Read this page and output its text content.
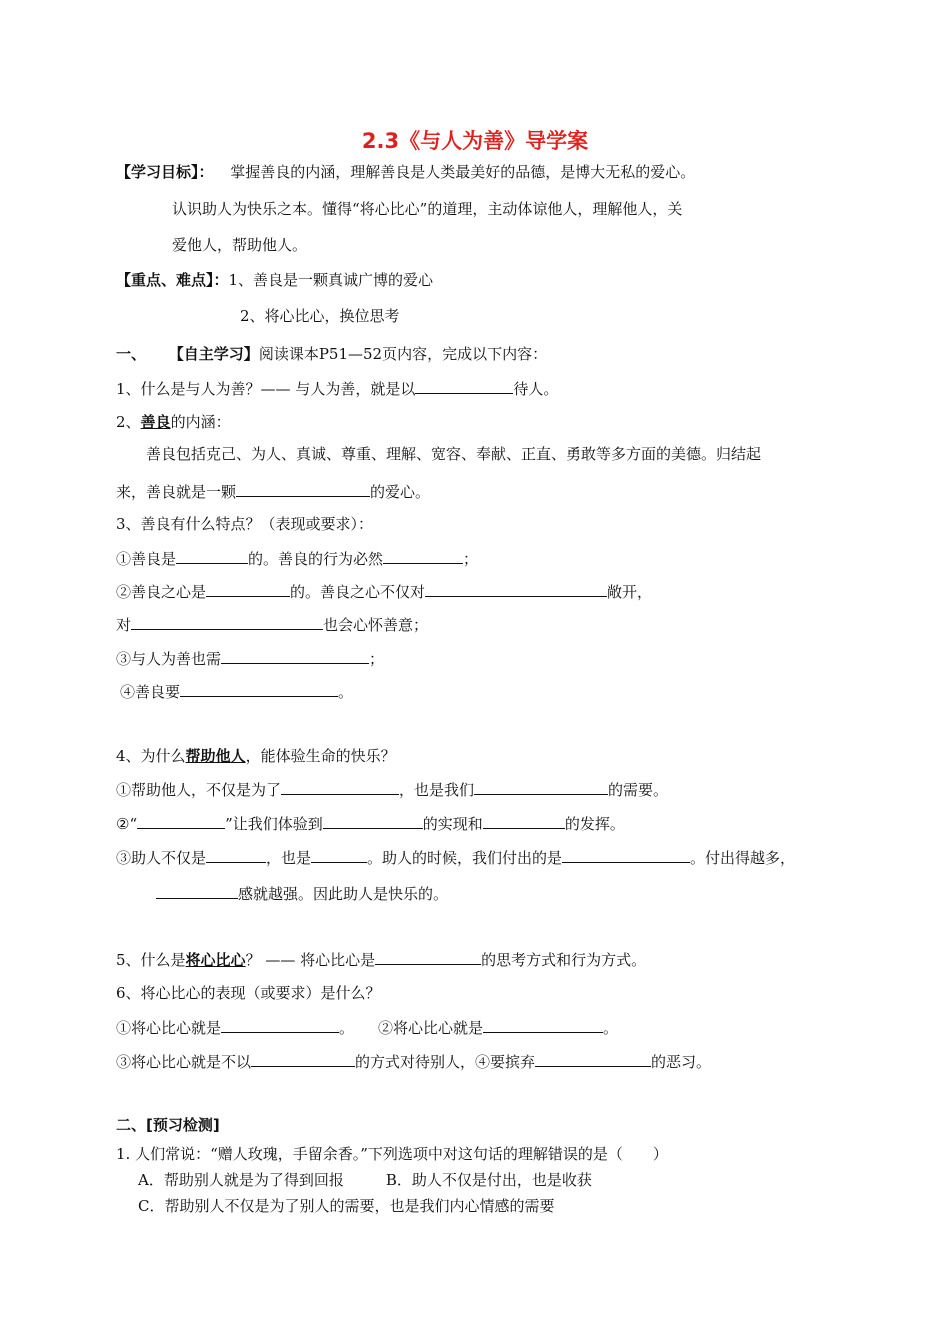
2.3《与人为善》导学案
【学习目标】： 掌握善良的内涵，理解善良是人类最美好的品德，是博大无私的爱心。
认识助人为快乐之本。懂得“将心比心”的道理，主动体谅他人，理解他人，关
爱他人，帮助他人。
【重点、难点】：1、善良是一颗真诚广博的爱心
2、将心比心，换位思考
一、 【自主学习】阅读课本P51—52页内容，完成以下内容：
1、什么是与人为善？—— 与人为善，就是以	待人。
2、善良的内涵：
善良包括克己、为人、真诚、尊重、理解、宽容、奉献、正直、勇敢等多方面的美德。归结起
来，善良就是一颗	的爱心。
3、善良有什么特点？（表现或要求）：
①善良是	的。善良的行为必然	；
②善良之心是	的。善良之心不仅对	敞开，
对	也会心怀善意；
③与人为善也需	；
④善良要	。
4、为什么帮助他人，能体验生命的快乐？
①帮助他人，不仅是为了	，也是我们	的需要。
②“	”让我们体验到	的实现和	的发挥。
③助人不仅是	，也是	。助人的时候，我们付出的是	。付出得越多，
感就越强。因此助人是快乐的。
5、什么是将心比心？ —— 将心比心是	的思考方式和行为方式。
6、将心比心的表现（或要求）是什么？
①将心比心就是	。 ②将心比心就是	。
③将心比心就是不以	的方式对待别人，④要摈弃	的恶习。
二、[预习检测]
1. 人们常说：“赠人玫瑰，手留余香。”下列选项中对这句话的理解错误的是（　　）
A．帮助别人就是为了得到回报	B．助人不仅是付出，也是收获
C．帮助别人不仅是为了别人的需要，也是我们内心情感的需要
